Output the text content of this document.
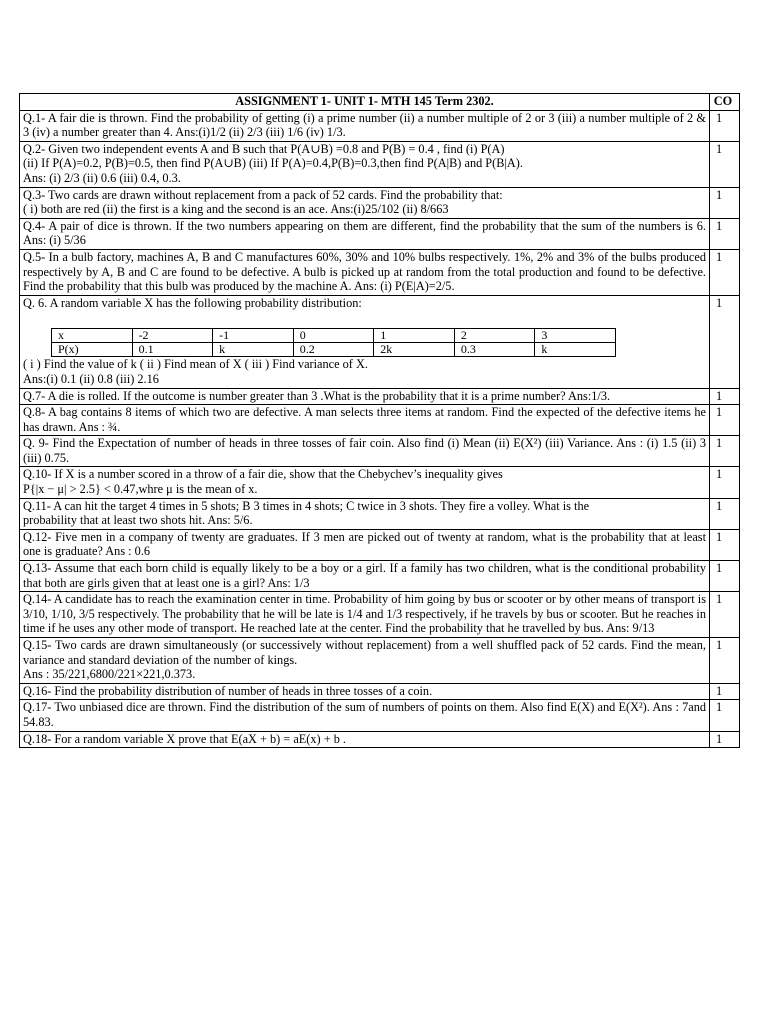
ASSIGNMENT 1- UNIT 1- MTH 145 Term 2302.	CO

Q.1- A fair die is thrown. Find the probability of getting (i) a prime number (ii) a number multiple of 2 or 3 (iii) a number multiple of 2 & 3 (iv) a number greater than 4. Ans:(i)1/2 (ii) 2/3 (iii) 1/6 (iv) 1/3.
	1

Q.2- Given two independent events A and B such that P(A∪B) =0.8 and P(B) = 0.4 , find (i) P(A)
(ii) If P(A)=0.2, P(B)=0.5, then find P(A∪B) (iii) If P(A)=0.4,P(B)=0.3,then find P(A|B) and P(B|A).
Ans: (i) 2/3 (ii) 0.6 (iii) 0.4, 0.3.
	1

Q.3- Two cards are drawn without replacement from a pack of 52 cards. Find the probability that:
( i) both are red (ii) the first is a king and the second is an ace. Ans:(i)25/102 (ii) 8/663
	1

Q.4- A pair of dice is thrown. If the two numbers appearing on them are different, find the probability that the sum of the numbers is 6. Ans: (i) 5/36
	1

Q.5- In a bulb factory, machines A, B and C manufactures 60%, 30% and 10% bulbs respectively. 1%, 2% and 3% of the bulbs produced respectively by A, B and C are found to be defective. A bulb is picked up at random from the total production and found to be defective. Find the probability that this bulb was produced by the machine A. Ans: (i) P(E|A)=2/5.
	1

Q. 6. A random variable X has the following probability distribution:
x	-2	-1	0	1	2	3
P(x)	0.1	k	0.2	2k	0.3	k
( i ) Find the value of k ( ii ) Find mean of X ( iii ) Find variance of X.
Ans:(i) 0.1 (ii) 0.8 (iii) 2.16
	1

Q.7- A die is rolled. If the outcome is number greater than 3 .What is the probability that it is a prime number? Ans:1/3.	1

Q.8- A bag contains 8 items of which two are defective. A man selects three items at random. Find the expected of the defective items he has drawn. Ans : ¾.
	1

Q. 9- Find the Expectation of number of heads in three tosses of fair coin. Also find (i) Mean (ii) E(X²) (iii) Variance. Ans : (i) 1.5 (ii) 3 (iii) 0.75.
	1

Q.10- If X is a number scored in a throw of a fair die, show that the Chebychev’s inequality gives
P{|x − μ| > 2.5} < 0.47,whre μ is the mean of x.
	1

Q.11- A can hit the target 4 times in 5 shots; B 3 times in 4 shots; C twice in 3 shots. They fire a volley. What is the
probability that at least two shots hit. Ans: 5/6.
	1

Q.12- Five men in a company of twenty are graduates. If 3 men are picked out of twenty at random, what is the probability that at least one is graduate? Ans : 0.6
	1

Q.13- Assume that each born child is equally likely to be a boy or a girl. If a family has two children, what is the conditional probability that both are girls given that at least one is a girl? Ans: 1/3
	1

Q.14- A candidate has to reach the examination center in time. Probability of him going by bus or scooter or by other means of transport is 3/10, 1/10, 3/5 respectively. The probability that he will be late is 1/4 and 1/3 respectively, if he travels by bus or scooter. But he reaches in time if he uses any other mode of transport. He reached late at the center. Find the probability that he travelled by bus. Ans: 9/13
	1

Q.15- Two cards are drawn simultaneously (or successively without replacement) from a well shuffled pack of 52 cards. Find the mean, variance and standard deviation of the number of kings.
Ans : 35/221,6800/221×221,0.373.
	1

Q.16- Find the probability distribution of number of heads in three tosses of a coin.	1

Q.17- Two unbiased dice are thrown. Find the distribution of the sum of numbers of points on them. Also find E(X) and E(X²). Ans : 7and 54.83.
	1

Q.18- For a random variable X prove that E(aX + b) = aE(x) + b .	1
